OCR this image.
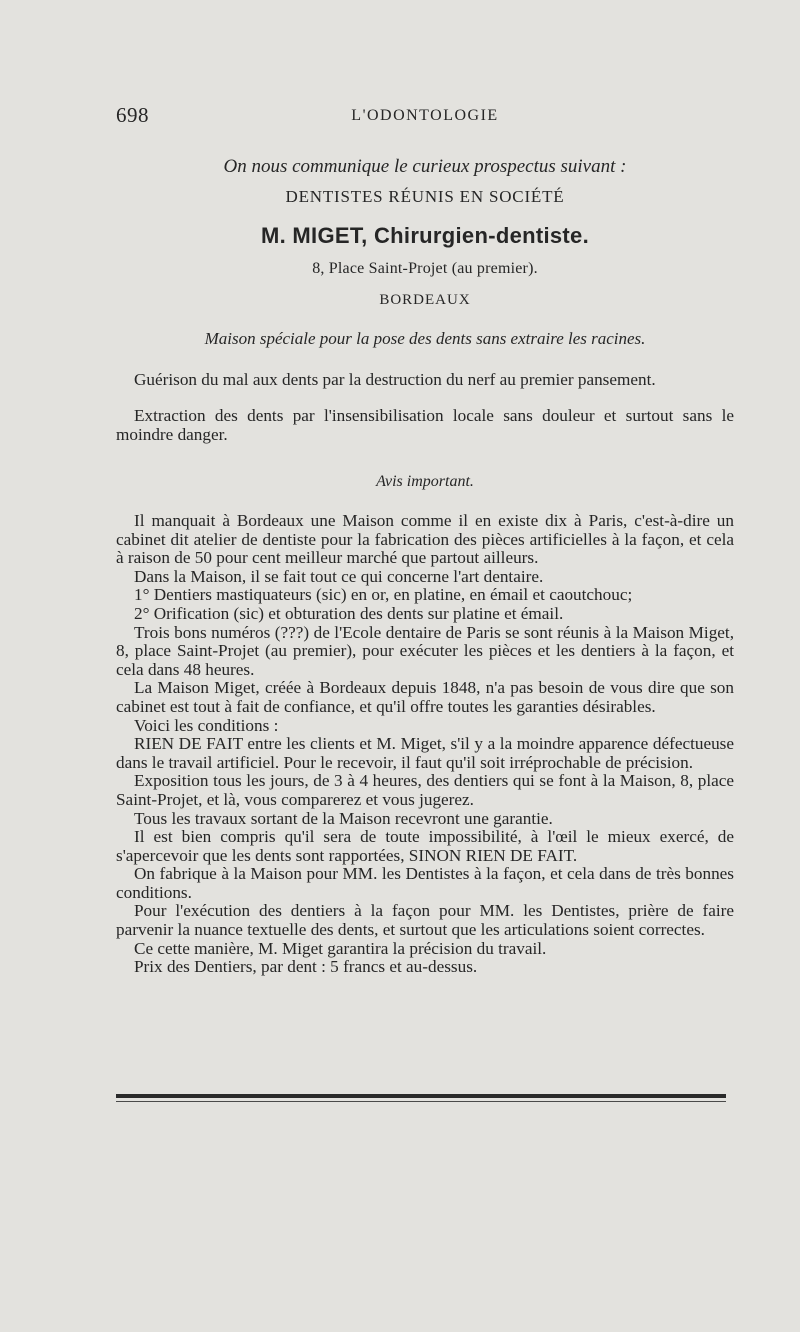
698	L'ODONTOLOGIE
On nous communique le curieux prospectus suivant :
DENTISTES RÉUNIS EN SOCIÉTÉ
M. MIGET, Chirurgien-dentiste.
8, Place Saint-Projet (au premier).
BORDEAUX
Maison spéciale pour la pose des dents sans extraire les racines.

Guérison du mal aux dents par la destruction du nerf au premier pansement.

Extraction des dents par l'insensibilisation locale sans douleur et surtout sans le moindre danger.

Avis important.

Il manquait à Bordeaux une Maison comme il en existe dix à Paris, c'est-à-dire un cabinet dit atelier de dentiste pour la fabrication des pièces artificielles à la façon, et cela à raison de 50 pour cent meilleur marché que partout ailleurs.

Dans la Maison, il se fait tout ce qui concerne l'art dentaire.

1° Dentiers mastiquateurs (sic) en or, en platine, en émail et caoutchouc;

2° Orification (sic) et obturation des dents sur platine et émail.

Trois bons numéros (???) de l'Ecole dentaire de Paris se sont réunis à la Maison Miget, 8, place Saint-Projet (au premier), pour exécuter les pièces et les dentiers à la façon, et cela dans 48 heures.

La Maison Miget, créée à Bordeaux depuis 1848, n'a pas besoin de vous dire que son cabinet est tout à fait de confiance, et qu'il offre toutes les garanties désirables.

Voici les conditions :

RIEN DE FAIT entre les clients et M. Miget, s'il y a la moindre apparence défectueuse dans le travail artificiel. Pour le recevoir, il faut qu'il soit irréprochable de précision.

Exposition tous les jours, de 3 à 4 heures, des dentiers qui se font à la Maison, 8, place Saint-Projet, et là, vous comparerez et vous jugerez.

Tous les travaux sortant de la Maison recevront une garantie.

Il est bien compris qu'il sera de toute impossibilité, à l'œil le mieux exercé, de s'apercevoir que les dents sont rapportées, SINON RIEN DE FAIT.

On fabrique à la Maison pour MM. les Dentistes à la façon, et cela dans de très bonnes conditions.

Pour l'exécution des dentiers à la façon pour MM. les Dentistes, prière de faire parvenir la nuance textuelle des dents, et surtout que les articulations soient correctes.

Ce cette manière, M. Miget garantira la précision du travail.

Prix des Dentiers, par dent : 5 francs et au-dessus.
